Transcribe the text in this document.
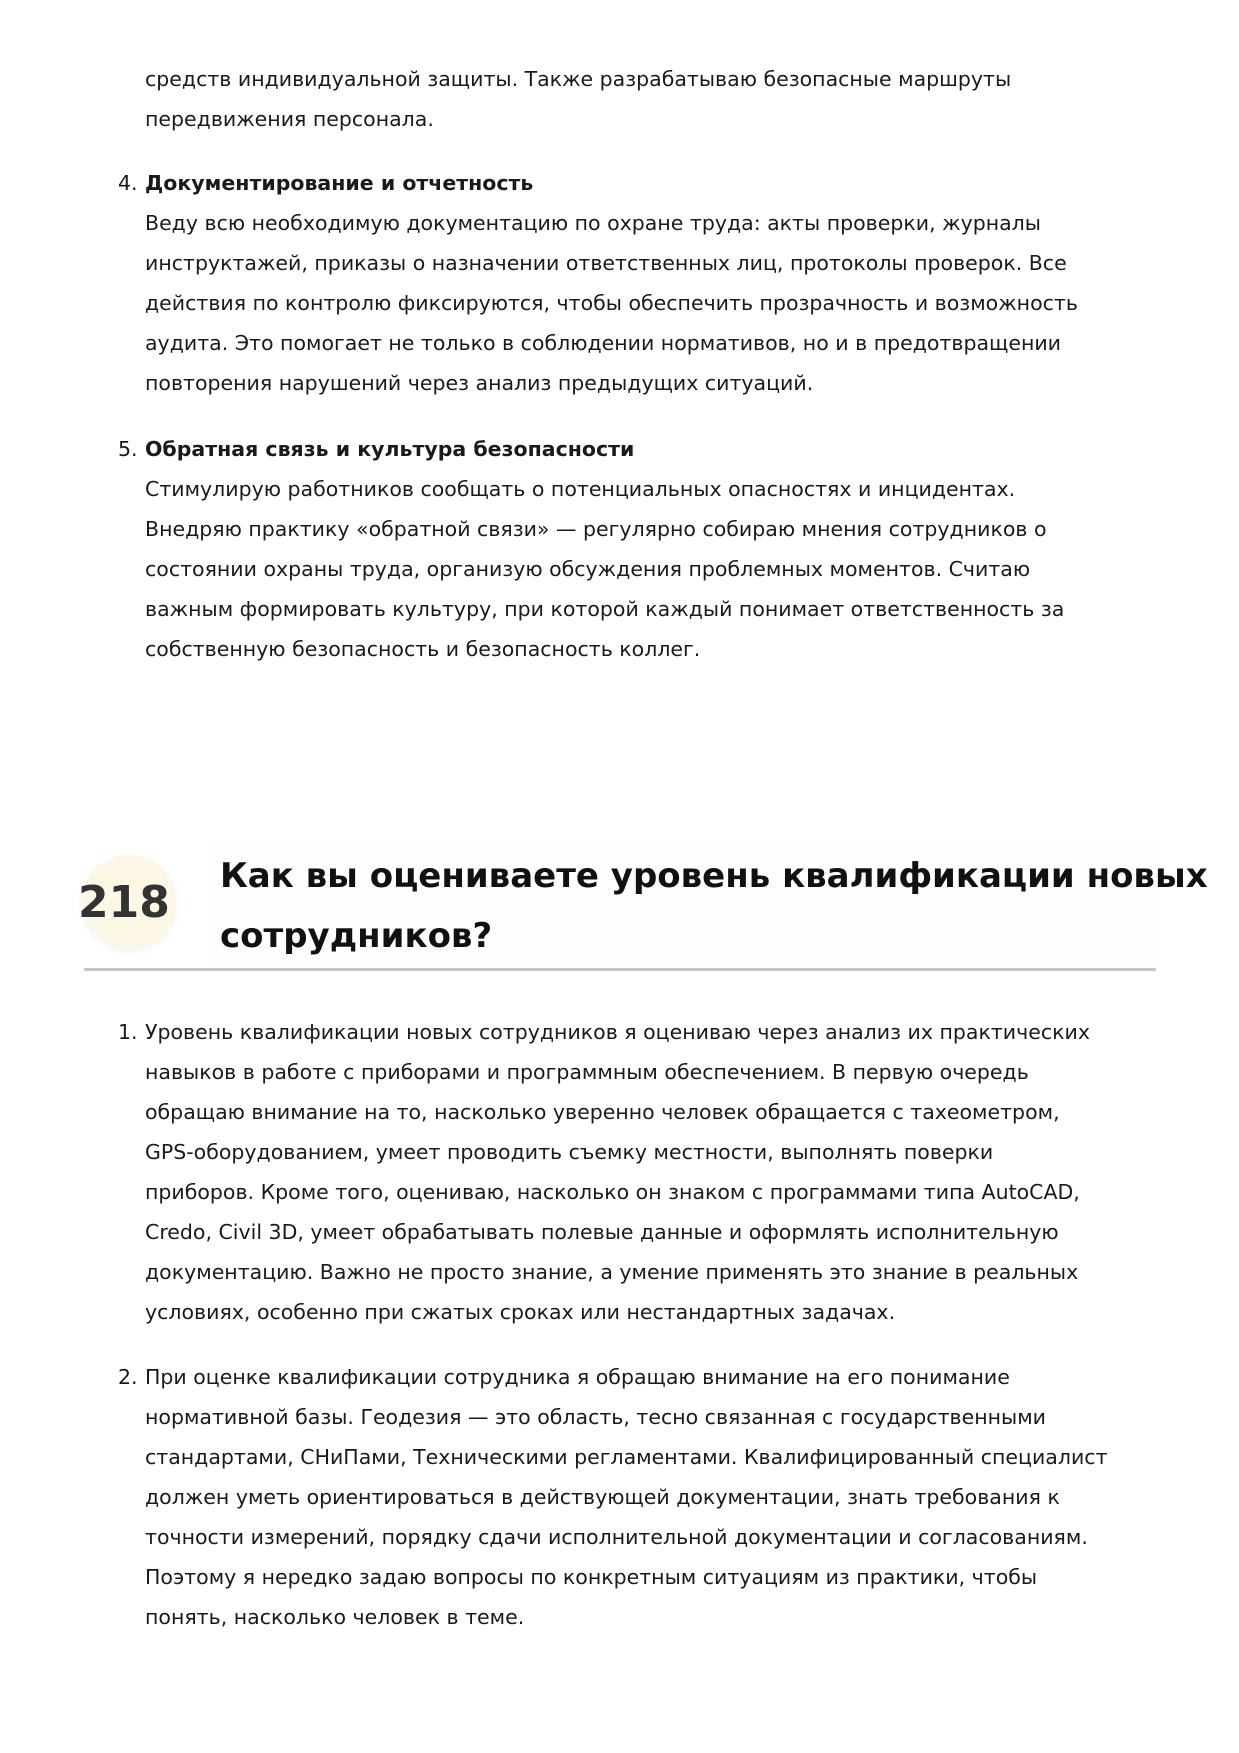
средств индивидуальной защиты. Также разрабатываю безопасные маршруты
передвижения персонала.
4. Документирование и отчетность
Веду всю необходимую документацию по охране труда: акты проверки, журналы
инструктажей, приказы о назначении ответственных лиц, протоколы проверок. Все
действия по контролю фиксируются, чтобы обеспечить прозрачность и возможность
аудита. Это помогает не только в соблюдении нормативов, но и в предотвращении
повторения нарушений через анализ предыдущих ситуаций.
5. Обратная связь и культура безопасности
Стимулирую работников сообщать о потенциальных опасностях и инцидентах.
Внедряю практику «обратной связи» — регулярно собираю мнения сотрудников о
состоянии охраны труда, организую обсуждения проблемных моментов. Считаю
важным формировать культуру, при которой каждый понимает ответственность за
собственную безопасность и безопасность коллег.
218
Как вы оцениваете уровень квалификации новых
сотрудников?
1. Уровень квалификации новых сотрудников я оцениваю через анализ их практических
навыков в работе с приборами и программным обеспечением. В первую очередь
обращаю внимание на то, насколько уверенно человек обращается с тахеометром,
GPS-оборудованием, умеет проводить съемку местности, выполнять поверки
приборов. Кроме того, оцениваю, насколько он знаком с программами типа AutoCAD,
Credo, Civil 3D, умеет обрабатывать полевые данные и оформлять исполнительную
документацию. Важно не просто знание, а умение применять это знание в реальных
условиях, особенно при сжатых сроках или нестандартных задачах.
2. При оценке квалификации сотрудника я обращаю внимание на его понимание
нормативной базы. Геодезия — это область, тесно связанная с государственными
стандартами, СНиПами, Техническими регламентами. Квалифицированный специалист
должен уметь ориентироваться в действующей документации, знать требования к
точности измерений, порядку сдачи исполнительной документации и согласованиям.
Поэтому я нередко задаю вопросы по конкретным ситуациям из практики, чтобы
понять, насколько человек в теме.
